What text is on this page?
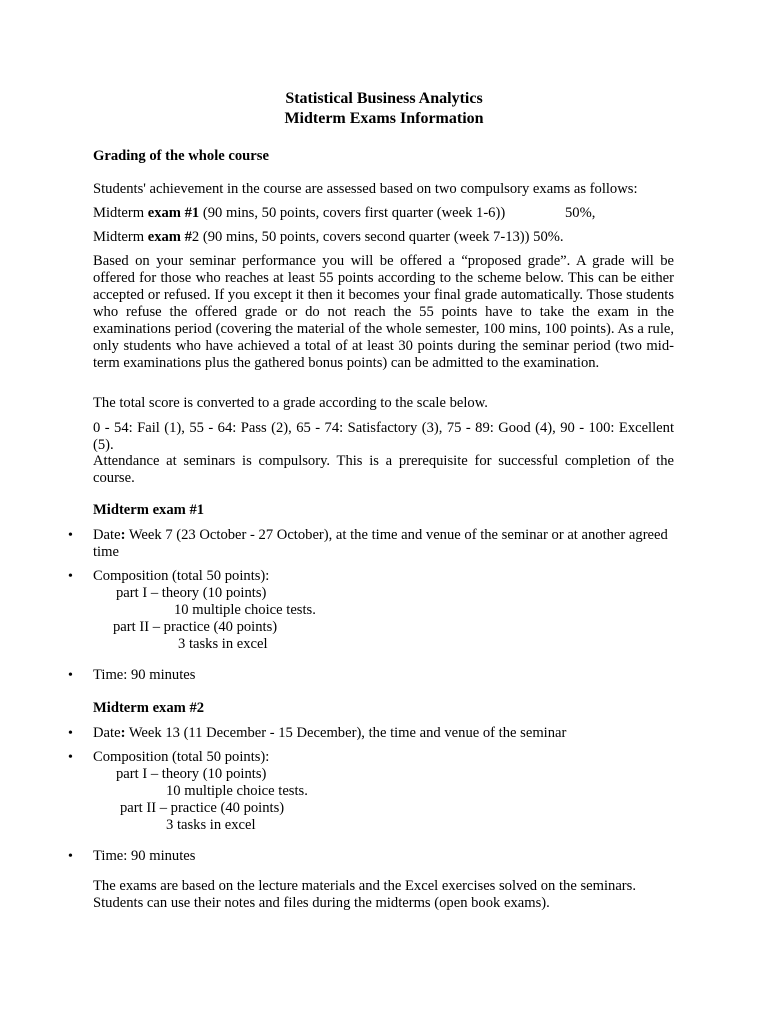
Statistical Business Analytics
Midterm Exams Information
Grading of the whole course
Students' achievement in the course are assessed based on two compulsory exams as follows:
Midterm exam #1 (90 mins, 50 points, covers first quarter (week 1-6))	50%,
Midterm exam #2 (90 mins, 50 points, covers second quarter (week 7-13)) 50%.
Based on your seminar performance you will be offered a “proposed grade”. A grade will be offered for those who reaches at least 55 points according to the scheme below. This can be either accepted or refused. If you except it then it becomes your final grade automatically. Those students who refuse the offered grade or do not reach the 55 points have to take the exam in the examinations period (covering the material of the whole semester, 100 mins, 100 points). As a rule, only students who have achieved a total of at least 30 points during the seminar period (two mid-term examinations plus the gathered bonus points) can be admitted to the examination.
The total score is converted to a grade according to the scale below.
0 - 54: Fail (1), 55 - 64: Pass (2), 65 - 74: Satisfactory (3), 75 - 89: Good (4), 90 - 100: Excellent (5).
Attendance at seminars is compulsory. This is a prerequisite for successful completion of the course.
Midterm exam #1
• Date: Week 7 (23 October - 27 October), at the time and venue of the seminar or at another agreed time
• Composition (total 50 points):
part I – theory (10 points)
10 multiple choice tests.
part II – practice (40 points)
3 tasks in excel
• Time: 90 minutes
Midterm exam #2
• Date: Week 13 (11 December - 15 December), the time and venue of the seminar
• Composition (total 50 points):
part I – theory (10 points)
10 multiple choice tests.
part II – practice (40 points)
3 tasks in excel
• Time: 90 minutes
The exams are based on the lecture materials and the Excel exercises solved on the seminars. Students can use their notes and files during the midterms (open book exams).
